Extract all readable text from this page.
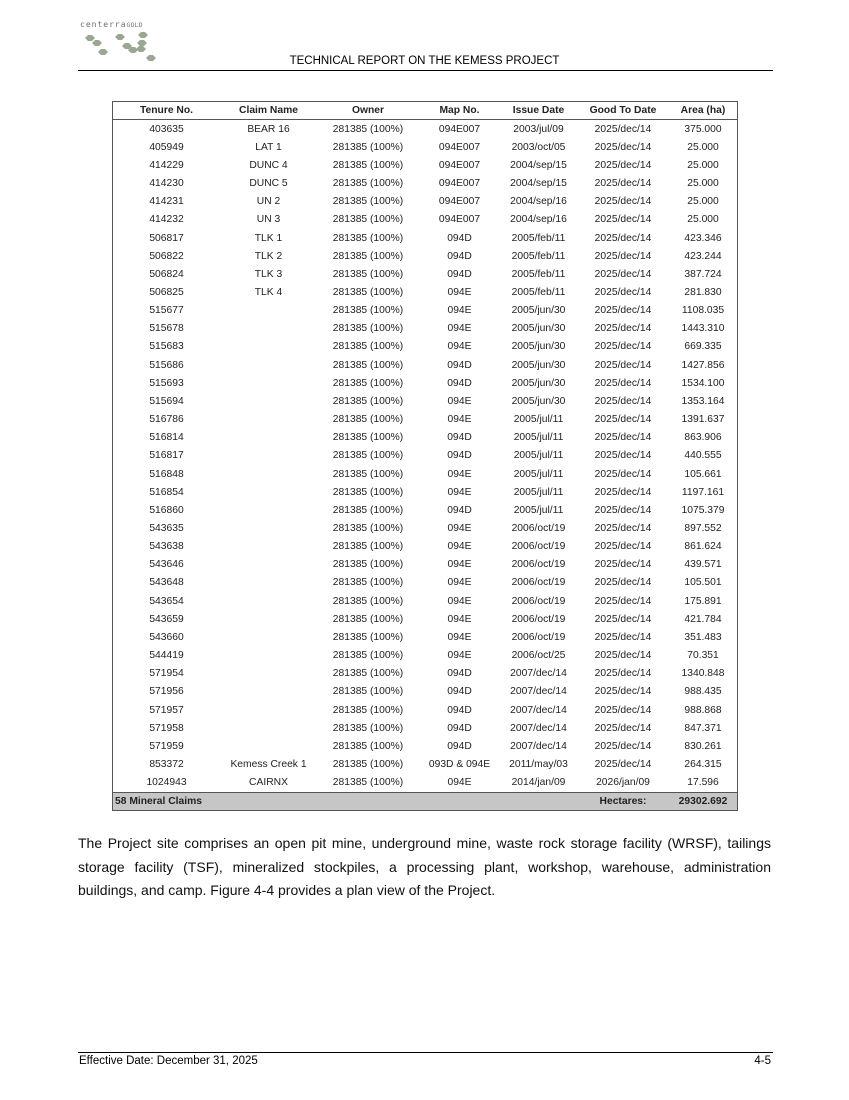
centerraGOLD
TECHNICAL REPORT ON THE KEMESS PROJECT
Tenure No.	Claim Name	Owner	Map No.	Issue Date	Good To Date	Area (ha)
403635	BEAR 16	281385 (100%)	094E007	2003/jul/09	2025/dec/14	375.000
405949	LAT 1	281385 (100%)	094E007	2003/oct/05	2025/dec/14	25.000
414229	DUNC 4	281385 (100%)	094E007	2004/sep/15	2025/dec/14	25.000
414230	DUNC 5	281385 (100%)	094E007	2004/sep/15	2025/dec/14	25.000
414231	UN 2	281385 (100%)	094E007	2004/sep/16	2025/dec/14	25.000
414232	UN 3	281385 (100%)	094E007	2004/sep/16	2025/dec/14	25.000
506817	TLK 1	281385 (100%)	094D	2005/feb/11	2025/dec/14	423.346
506822	TLK 2	281385 (100%)	094D	2005/feb/11	2025/dec/14	423.244
506824	TLK 3	281385 (100%)	094D	2005/feb/11	2025/dec/14	387.724
506825	TLK 4	281385 (100%)	094E	2005/feb/11	2025/dec/14	281.830
515677		281385 (100%)	094E	2005/jun/30	2025/dec/14	1108.035
515678		281385 (100%)	094E	2005/jun/30	2025/dec/14	1443.310
515683		281385 (100%)	094E	2005/jun/30	2025/dec/14	669.335
515686		281385 (100%)	094D	2005/jun/30	2025/dec/14	1427.856
515693		281385 (100%)	094D	2005/jun/30	2025/dec/14	1534.100
515694		281385 (100%)	094E	2005/jun/30	2025/dec/14	1353.164
516786		281385 (100%)	094E	2005/jul/11	2025/dec/14	1391.637
516814		281385 (100%)	094D	2005/jul/11	2025/dec/14	863.906
516817		281385 (100%)	094D	2005/jul/11	2025/dec/14	440.555
516848		281385 (100%)	094E	2005/jul/11	2025/dec/14	105.661
516854		281385 (100%)	094E	2005/jul/11	2025/dec/14	1197.161
516860		281385 (100%)	094D	2005/jul/11	2025/dec/14	1075.379
543635		281385 (100%)	094E	2006/oct/19	2025/dec/14	897.552
543638		281385 (100%)	094E	2006/oct/19	2025/dec/14	861.624
543646		281385 (100%)	094E	2006/oct/19	2025/dec/14	439.571
543648		281385 (100%)	094E	2006/oct/19	2025/dec/14	105.501
543654		281385 (100%)	094E	2006/oct/19	2025/dec/14	175.891
543659		281385 (100%)	094E	2006/oct/19	2025/dec/14	421.784
543660		281385 (100%)	094E	2006/oct/19	2025/dec/14	351.483
544419		281385 (100%)	094E	2006/oct/25	2025/dec/14	70.351
571954		281385 (100%)	094D	2007/dec/14	2025/dec/14	1340.848
571956		281385 (100%)	094D	2007/dec/14	2025/dec/14	988.435
571957		281385 (100%)	094D	2007/dec/14	2025/dec/14	988.868
571958		281385 (100%)	094D	2007/dec/14	2025/dec/14	847.371
571959		281385 (100%)	094D	2007/dec/14	2025/dec/14	830.261
853372	Kemess Creek 1	281385 (100%)	093D & 094E	2011/may/03	2025/dec/14	264.315
1024943	CAIRNX	281385 (100%)	094E	2014/jan/09	2026/jan/09	17.596
58 Mineral Claims					Hectares:	29302.692
The Project site comprises an open pit mine, underground mine, waste rock storage facility (WRSF), tailings storage facility (TSF), mineralized stockpiles, a processing plant, workshop, warehouse, administration buildings, and camp. Figure 4-4 provides a plan view of the Project.
Effective Date: December 31, 2025	4-5
